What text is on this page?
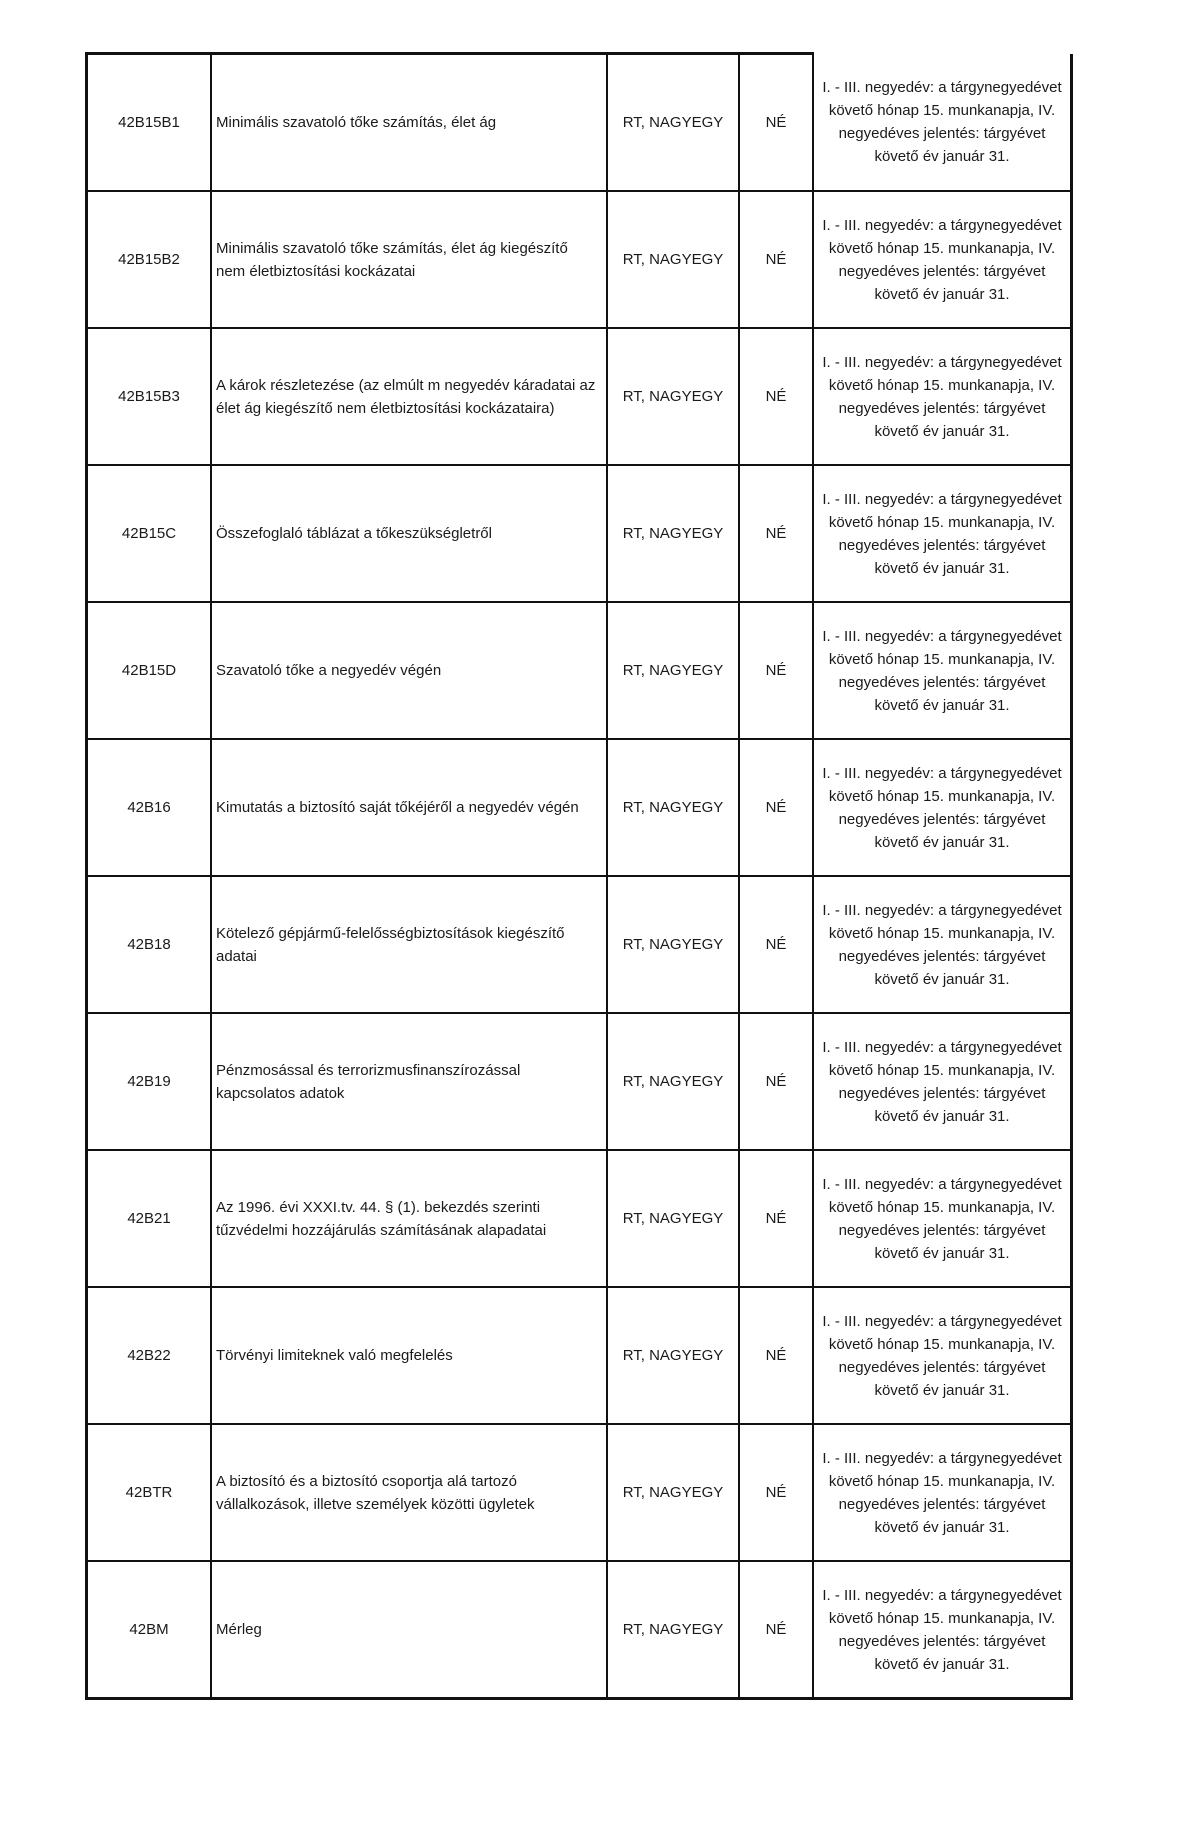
42B15B1	Minimális szavatoló tőke számítás, élet ág	RT, NAGYEGY	NÉ	I. - III. negyedév: a tárgynegyedévet követő hónap 15. munkanapja, IV. negyedéves jelentés: tárgyévet követő év január 31.
42B15B2	Minimális szavatoló tőke számítás, élet ág kiegészítő nem életbiztosítási kockázatai	RT, NAGYEGY	NÉ	I. - III. negyedév: a tárgynegyedévet követő hónap 15. munkanapja, IV. negyedéves jelentés: tárgyévet követő év január 31.
42B15B3	A károk részletezése (az elmúlt m negyedév káradatai az élet ág kiegészítő nem életbiztosítási kockázataira)	RT, NAGYEGY	NÉ	I. - III. negyedév: a tárgynegyedévet követő hónap 15. munkanapja, IV. negyedéves jelentés: tárgyévet követő év január 31.
42B15C	Összefoglaló táblázat a tőkeszükségletről	RT, NAGYEGY	NÉ	I. - III. negyedév: a tárgynegyedévet követő hónap 15. munkanapja, IV. negyedéves jelentés: tárgyévet követő év január 31.
42B15D	Szavatoló tőke a negyedév végén	RT, NAGYEGY	NÉ	I. - III. negyedév: a tárgynegyedévet követő hónap 15. munkanapja, IV. negyedéves jelentés: tárgyévet követő év január 31.
42B16	Kimutatás a biztosító saját tőkéjéről a negyedév végén	RT, NAGYEGY	NÉ	I. - III. negyedév: a tárgynegyedévet követő hónap 15. munkanapja, IV. negyedéves jelentés: tárgyévet követő év január 31.
42B18	Kötelező gépjármű-felelősségbiztosítások kiegészítő adatai	RT, NAGYEGY	NÉ	I. - III. negyedév: a tárgynegyedévet követő hónap 15. munkanapja, IV. negyedéves jelentés: tárgyévet követő év január 31.
42B19	Pénzmosással és terrorizmusfinanszírozással kapcsolatos adatok	RT, NAGYEGY	NÉ	I. - III. negyedév: a tárgynegyedévet követő hónap 15. munkanapja, IV. negyedéves jelentés: tárgyévet követő év január 31.
42B21	Az 1996. évi XXXI.tv. 44. § (1). bekezdés szerinti tűzvédelmi hozzájárulás számításának alapadatai	RT, NAGYEGY	NÉ	I. - III. negyedév: a tárgynegyedévet követő hónap 15. munkanapja, IV. negyedéves jelentés: tárgyévet követő év január 31.
42B22	Törvényi limiteknek való megfelelés	RT, NAGYEGY	NÉ	I. - III. negyedév: a tárgynegyedévet követő hónap 15. munkanapja, IV. negyedéves jelentés: tárgyévet követő év január 31.
42BTR	A biztosító és a biztosító csoportja alá tartozó vállalkozások, illetve személyek közötti ügyletek	RT, NAGYEGY	NÉ	I. - III. negyedév: a tárgynegyedévet követő hónap 15. munkanapja, IV. negyedéves jelentés: tárgyévet követő év január 31.
42BM	Mérleg	RT, NAGYEGY	NÉ	I. - III. negyedév: a tárgynegyedévet követő hónap 15. munkanapja, IV. negyedéves jelentés: tárgyévet követő év január 31.
